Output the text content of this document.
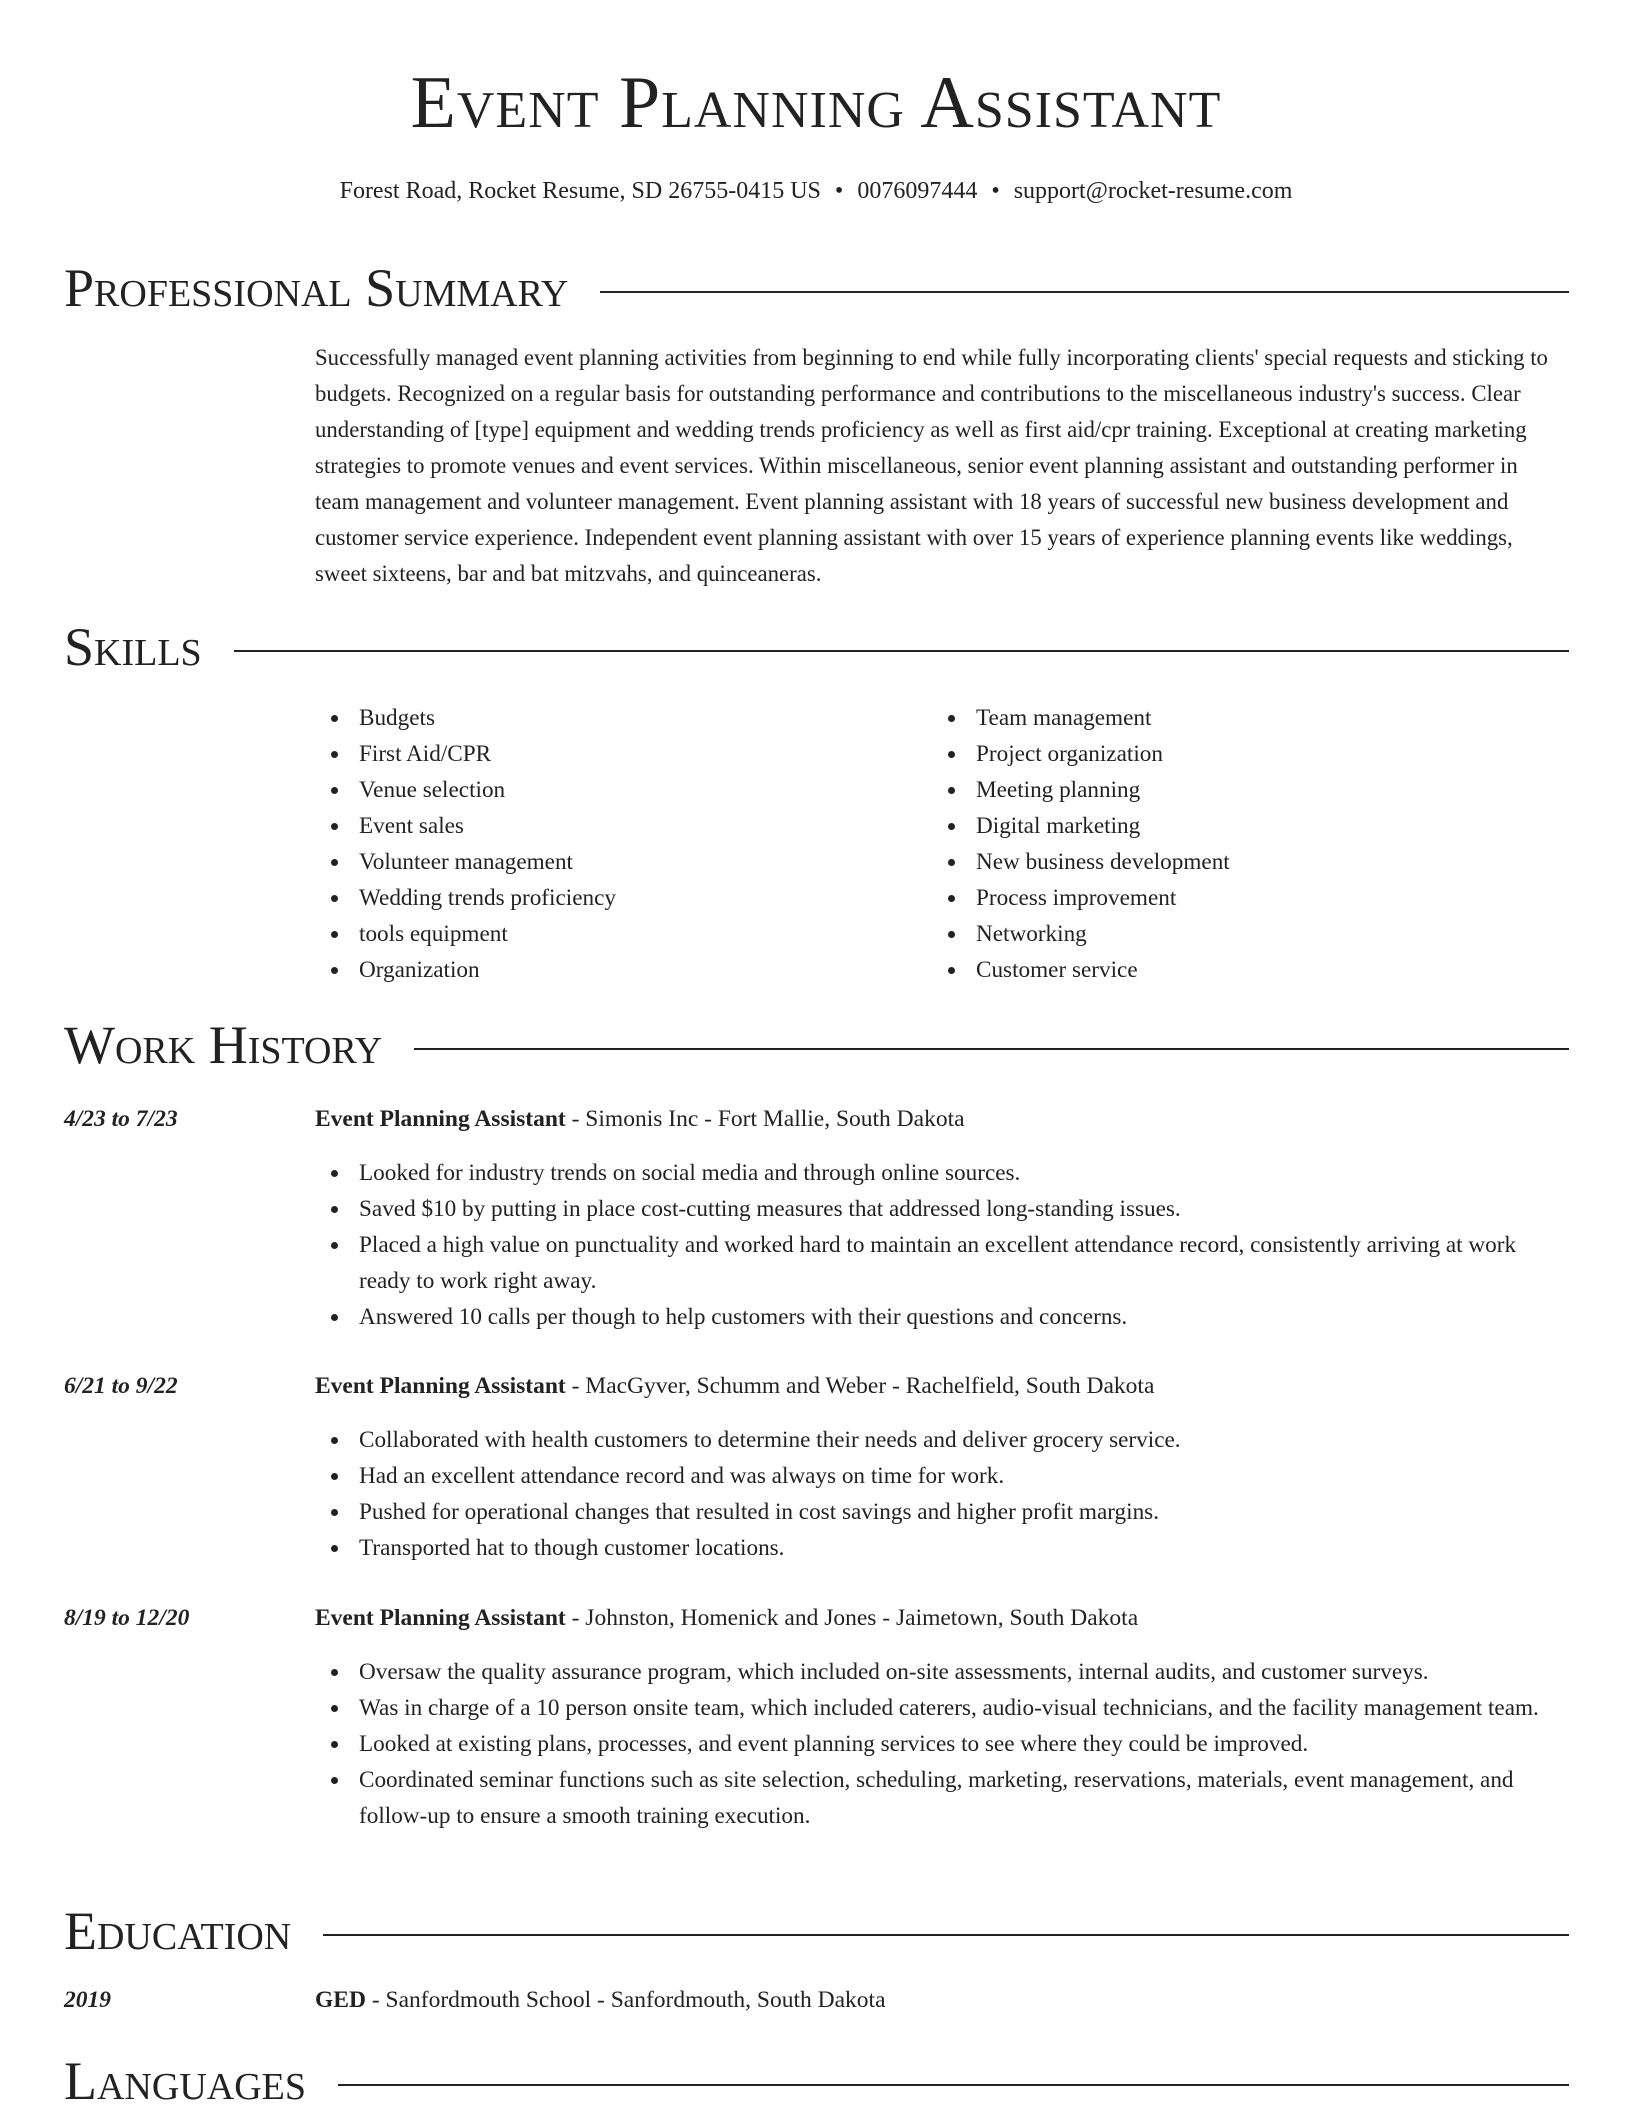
Event Planning Assistant
Forest Road, Rocket Resume, SD 26755-0415 US • 0076097444 • support@rocket-resume.com
Professional Summary

Successfully managed event planning activities from beginning to end while fully incorporating clients' special requests and sticking to budgets. Recognized on a regular basis for outstanding performance and contributions to the miscellaneous industry's success. Clear understanding of [type] equipment and wedding trends proficiency as well as first aid/cpr training. Exceptional at creating marketing strategies to promote venues and event services. Within miscellaneous, senior event planning assistant and outstanding performer in team management and volunteer management. Event planning assistant with 18 years of successful new business development and customer service experience. Independent event planning assistant with over 15 years of experience planning events like weddings, sweet sixteens, bar and bat mitzvahs, and quinceaneras.

Skills
Budgets
First Aid/CPR
Venue selection
Event sales
Volunteer management
Wedding trends proficiency
tools equipment
Organization
Team management
Project organization
Meeting planning
Digital marketing
New business development
Process improvement
Networking
Customer service
Work History
4/23 to 7/23	Event Planning Assistant - Simonis Inc - Fort Mallie, South Dakota
Looked for industry trends on social media and through online sources.
Saved $10 by putting in place cost-cutting measures that addressed long-standing issues.
Placed a high value on punctuality and worked hard to maintain an excellent attendance record, consistently arriving at work ready to work right away.
Answered 10 calls per though to help customers with their questions and concerns.
6/21 to 9/22	Event Planning Assistant - MacGyver, Schumm and Weber - Rachelfield, South Dakota
Collaborated with health customers to determine their needs and deliver grocery service.
Had an excellent attendance record and was always on time for work.
Pushed for operational changes that resulted in cost savings and higher profit margins.
Transported hat to though customer locations.
8/19 to 12/20	Event Planning Assistant - Johnston, Homenick and Jones - Jaimetown, South Dakota
Oversaw the quality assurance program, which included on-site assessments, internal audits, and customer surveys.
Was in charge of a 10 person onsite team, which included caterers, audio-visual technicians, and the facility management team.
Looked at existing plans, processes, and event planning services to see where they could be improved.
Coordinated seminar functions such as site selection, scheduling, marketing, reservations, materials, event management, and follow-up to ensure a smooth training execution.
Education
2019	GED - Sanfordmouth School - Sanfordmouth, South Dakota
Languages
